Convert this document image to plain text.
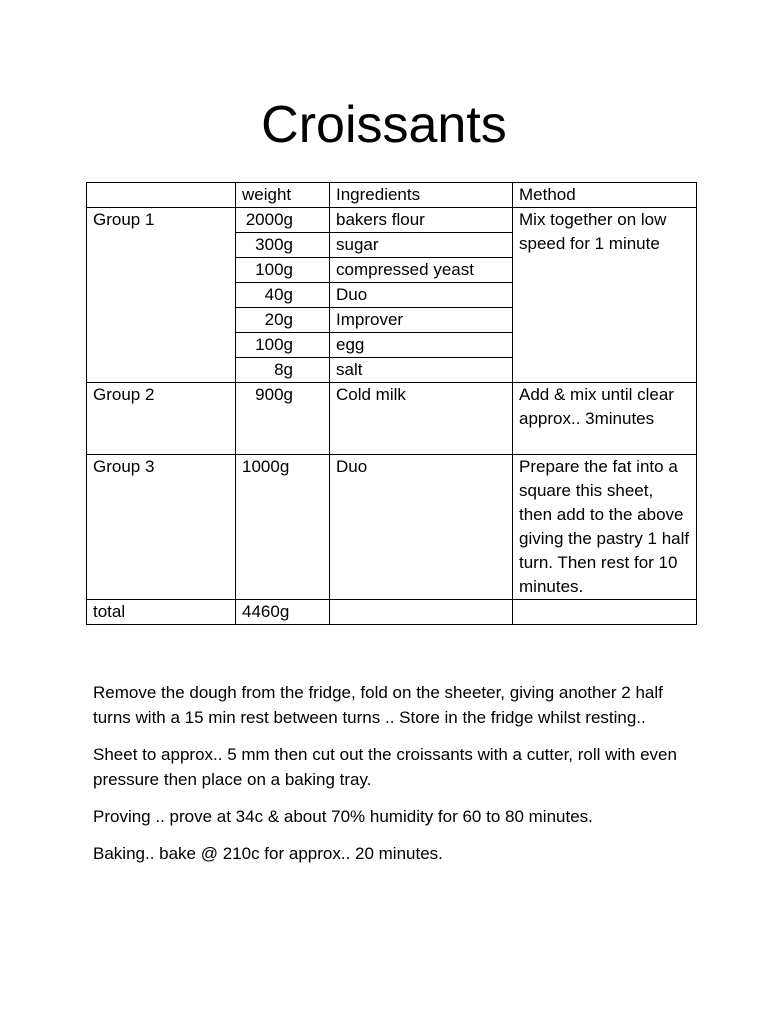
Croissants
	weight	Ingredients	Method
Group 1	2000g	bakers flour	Mix together on low speed for 1 minute
	300g	sugar	
	100g	compressed yeast	
	40g	Duo	
	20g	Improver	
	100g	egg	
	8g	salt	
Group 2	900g	Cold milk	Add & mix until clear approx.. 3minutes
Group 3	1000g	Duo	Prepare the fat into a square this sheet, then add to the above giving the pastry 1 half turn. Then rest for 10 minutes.
total	4460g		

Remove the dough from the fridge, fold on the sheeter, giving another 2 half turns with a 15 min rest between turns .. Store in the fridge whilst resting..

Sheet to approx.. 5 mm then cut out the croissants with a cutter, roll with even pressure then place on a baking tray.

Proving .. prove at 34c & about 70% humidity for 60 to 80 minutes.

Baking.. bake @ 210c for approx.. 20 minutes.
